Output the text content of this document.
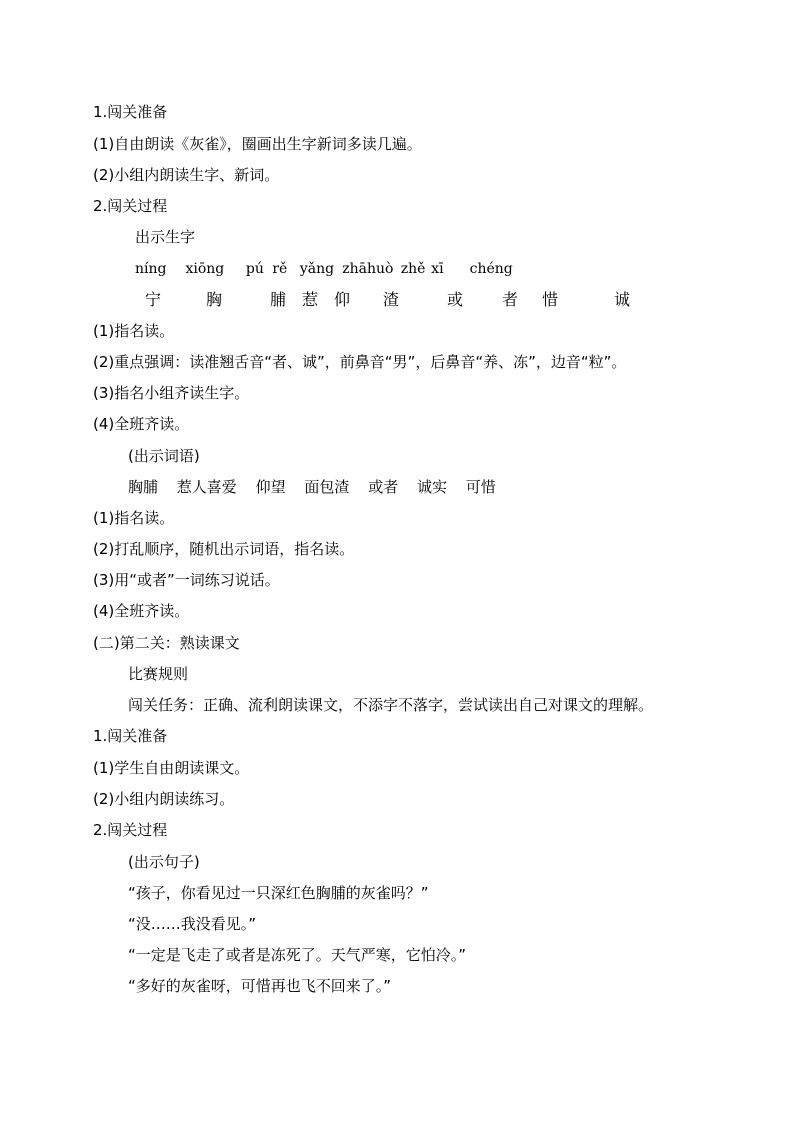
1.闯关准备
(1)自由朗读《灰雀》，圈画出生字新词多读几遍。
(2)小组内朗读生字、新词。
2.闯关过程
出示生字
níng xiōng pú rě yǎng zhāhuò zhě xī chéng
宁	胸	脯 惹 仰 渣	或 者 惜	诚
(1)指名读。
(2)重点强调：读准翘舌音“者、诚”，前鼻音“男”，后鼻音“养、冻”，边音“粒”。
(3)指名小组齐读生字。
(4)全班齐读。
(出示词语)
胸脯 惹人喜爱 仰望 面包渣 或者 诚实 可惜
(1)指名读。
(2)打乱顺序，随机出示词语，指名读。
(3)用“或者”一词练习说话。
(4)全班齐读。
(二)第二关：熟读课文
比赛规则
闯关任务：正确、流利朗读课文，不添字不落字，尝试读出自己对课文的理解。
1.闯关准备
(1)学生自由朗读课文。
(2)小组内朗读练习。
2.闯关过程
(出示句子)
“孩子，你看见过一只深红色胸脯的灰雀吗？”
“没……我没看见。”
“一定是飞走了或者是冻死了。天气严寒，它怕冷。”
“多好的灰雀呀，可惜再也飞不回来了。”
